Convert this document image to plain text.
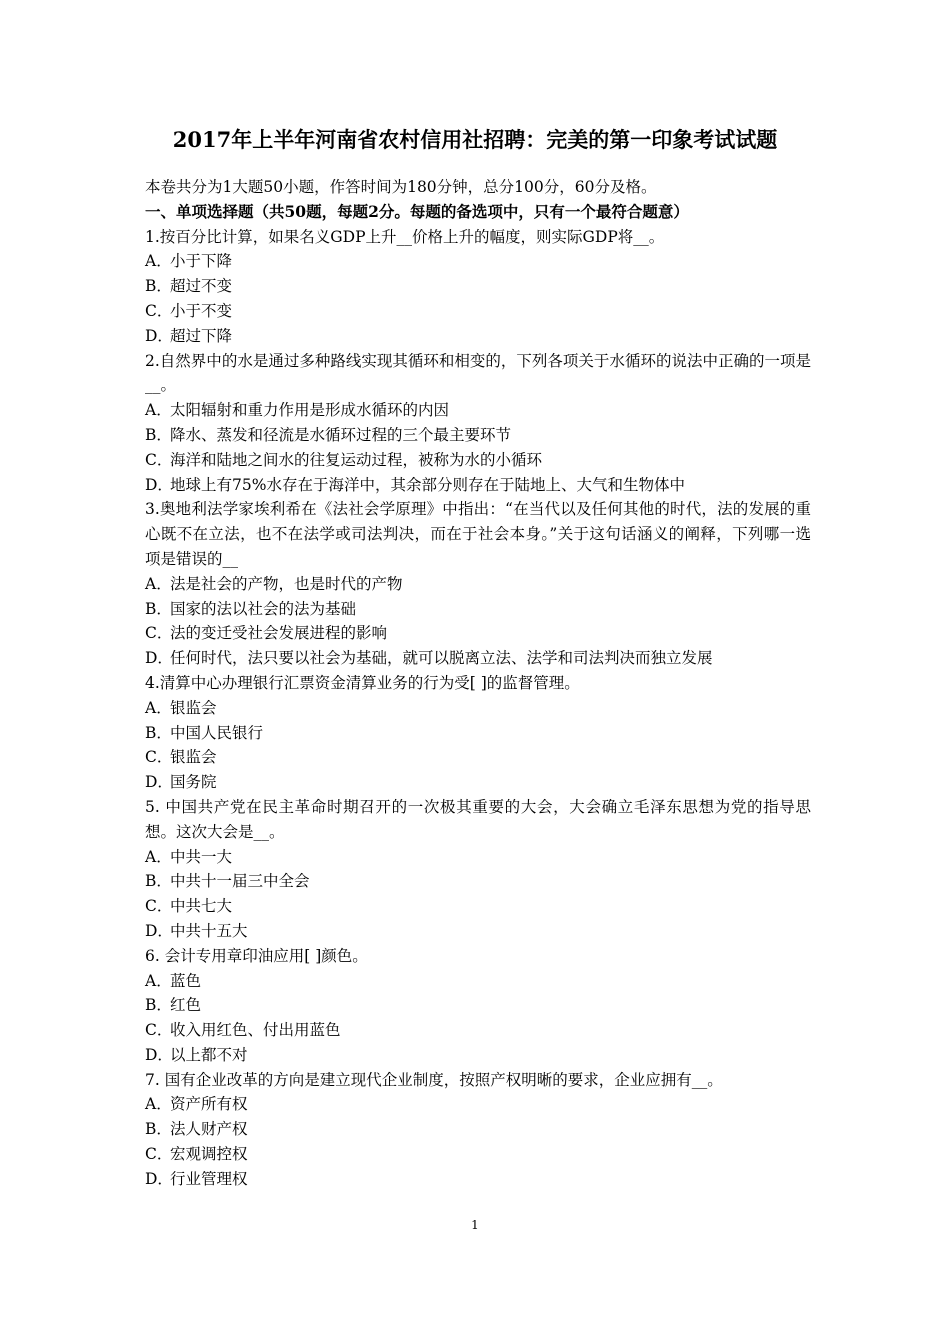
2017年上半年河南省农村信用社招聘：完美的第一印象考试试题
本卷共分为1大题50小题，作答时间为180分钟，总分100分，60分及格。
一、单项选择题（共50题，每题2分。每题的备选项中，只有一个最符合题意）
1.按百分比计算，如果名义GDP上升__价格上升的幅度，则实际GDP将__。
A．小于下降
B．超过不变
C．小于不变
D．超过下降
2.自然界中的水是通过多种路线实现其循环和相变的，下列各项关于水循环的说法中正确的一项是__。
A．太阳辐射和重力作用是形成水循环的内因
B．降水、蒸发和径流是水循环过程的三个最主要环节
C．海洋和陆地之间水的往复运动过程，被称为水的小循环
D．地球上有75%水存在于海洋中，其余部分则存在于陆地上、大气和生物体中
3.奥地利法学家埃利希在《法社会学原理》中指出：“在当代以及任何其他的时代，法的发展的重心既不在立法，也不在法学或司法判决，而在于社会本身。”关于这句话涵义的阐释，下列哪一选项是错误的__
A．法是社会的产物，也是时代的产物
B．国家的法以社会的法为基础
C．法的变迁受社会发展进程的影响
D．任何时代，法只要以社会为基础，就可以脱离立法、法学和司法判决而独立发展
4.清算中心办理银行汇票资金清算业务的行为受[ ]的监督管理。
A．银监会
B．中国人民银行
C．银监会
D．国务院
5. 中国共产党在民主革命时期召开的一次极其重要的大会，大会确立毛泽东思想为党的指导思想。这次大会是__。
A．中共一大
B．中共十一届三中全会
C．中共七大
D．中共十五大
6. 会计专用章印油应用[ ]颜色。
A．蓝色
B．红色
C．收入用红色、付出用蓝色
D．以上都不对
7. 国有企业改革的方向是建立现代企业制度，按照产权明晰的要求，企业应拥有__。
A．资产所有权
B．法人财产权
C．宏观调控权
D．行业管理权
1
